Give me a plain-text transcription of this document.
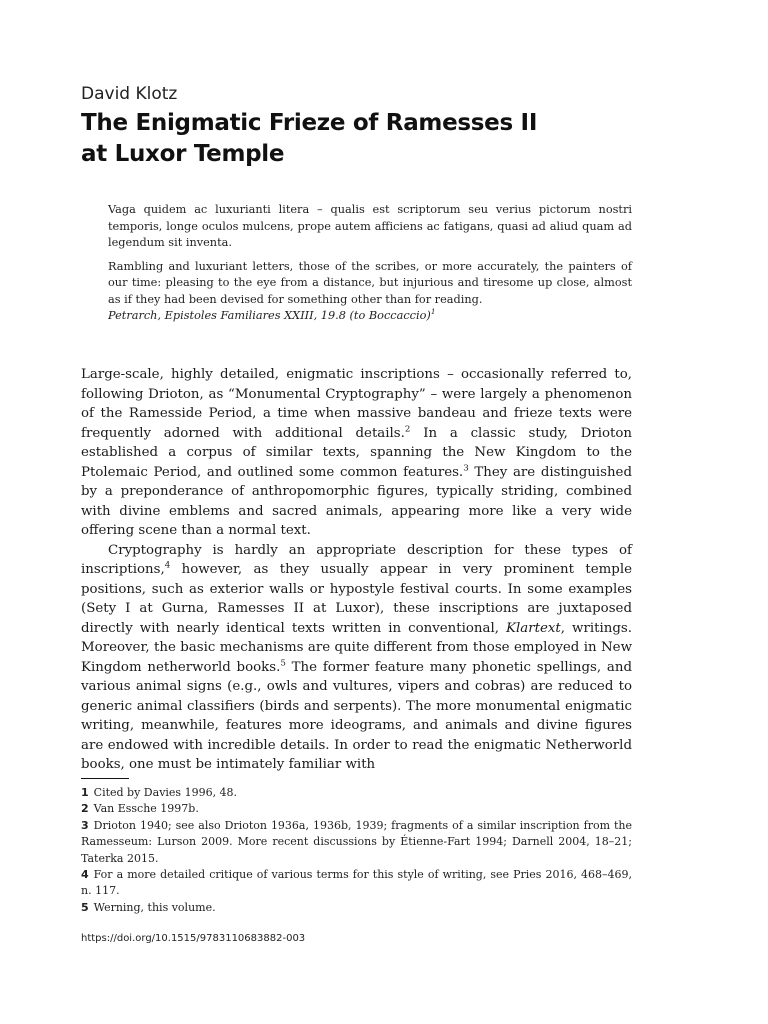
David Klotz
The Enigmatic Frieze of Ramesses II
at Luxor Temple

Vaga quidem ac luxurianti litera – qualis est scriptorum seu verius pictorum nostri temporis, longe oculos mulcens, prope autem afficiens ac fatigans, quasi ad aliud quam ad legendum sit inventa.

Rambling and luxuriant letters, those of the scribes, or more accurately, the painters of our time: pleasing to the eye from a distance, but injurious and tiresome up close, almost as if they had been devised for something other than for reading.
Petrarch, Epistoles Familiares XXIII, 19.8 (to Boccaccio)$^1$

Large-scale, highly detailed, enigmatic inscriptions – occasionally referred to, following Drioton, as “Monumental Cryptography” – were largely a phenomenon of the Ramesside Period, a time when massive bandeau and frieze texts were frequently adorned with additional details.$^2$ In a classic study, Drioton established a corpus of similar texts, spanning the New Kingdom to the Ptolemaic Period, and outlined some common features.$^3$ They are distinguished by a preponderance of anthropomorphic figures, typically striding, combined with divine emblems and sacred animals, appearing more like a very wide offering scene than a normal text.

Cryptography is hardly an appropriate description for these types of inscriptions,$^4$ however, as they usually appear in very prominent temple positions, such as exterior walls or hypostyle festival courts. In some examples (Sety I at Gurna, Ramesses II at Luxor), these inscriptions are juxtaposed directly with nearly identical texts written in conventional, Klartext, writings. Moreover, the basic mechanisms are quite different from those employed in New Kingdom netherworld books.$^5$ The former feature many phonetic spellings, and various animal signs (e.g., owls and vultures, vipers and cobras) are reduced to generic animal classifiers (birds and serpents). The more monumental enigmatic writing, meanwhile, features more ideograms, and animals and divine figures are endowed with incredible details. In order to read the enigmatic Netherworld books, one must be intimately familiar with

1 Cited by Davies 1996, 48.

2 Van Essche 1997b.

3 Drioton 1940; see also Drioton 1936a, 1936b, 1939; fragments of a similar inscription from the Ramesseum: Lurson 2009. More recent discussions by Étienne-Fart 1994; Darnell 2004, 18–21; Taterka 2015.

4 For a more detailed critique of various terms for this style of writing, see Pries 2016, 468–469, n. 117.

5 Werning, this volume.

https://doi.org/10.1515/9783110683882-003
